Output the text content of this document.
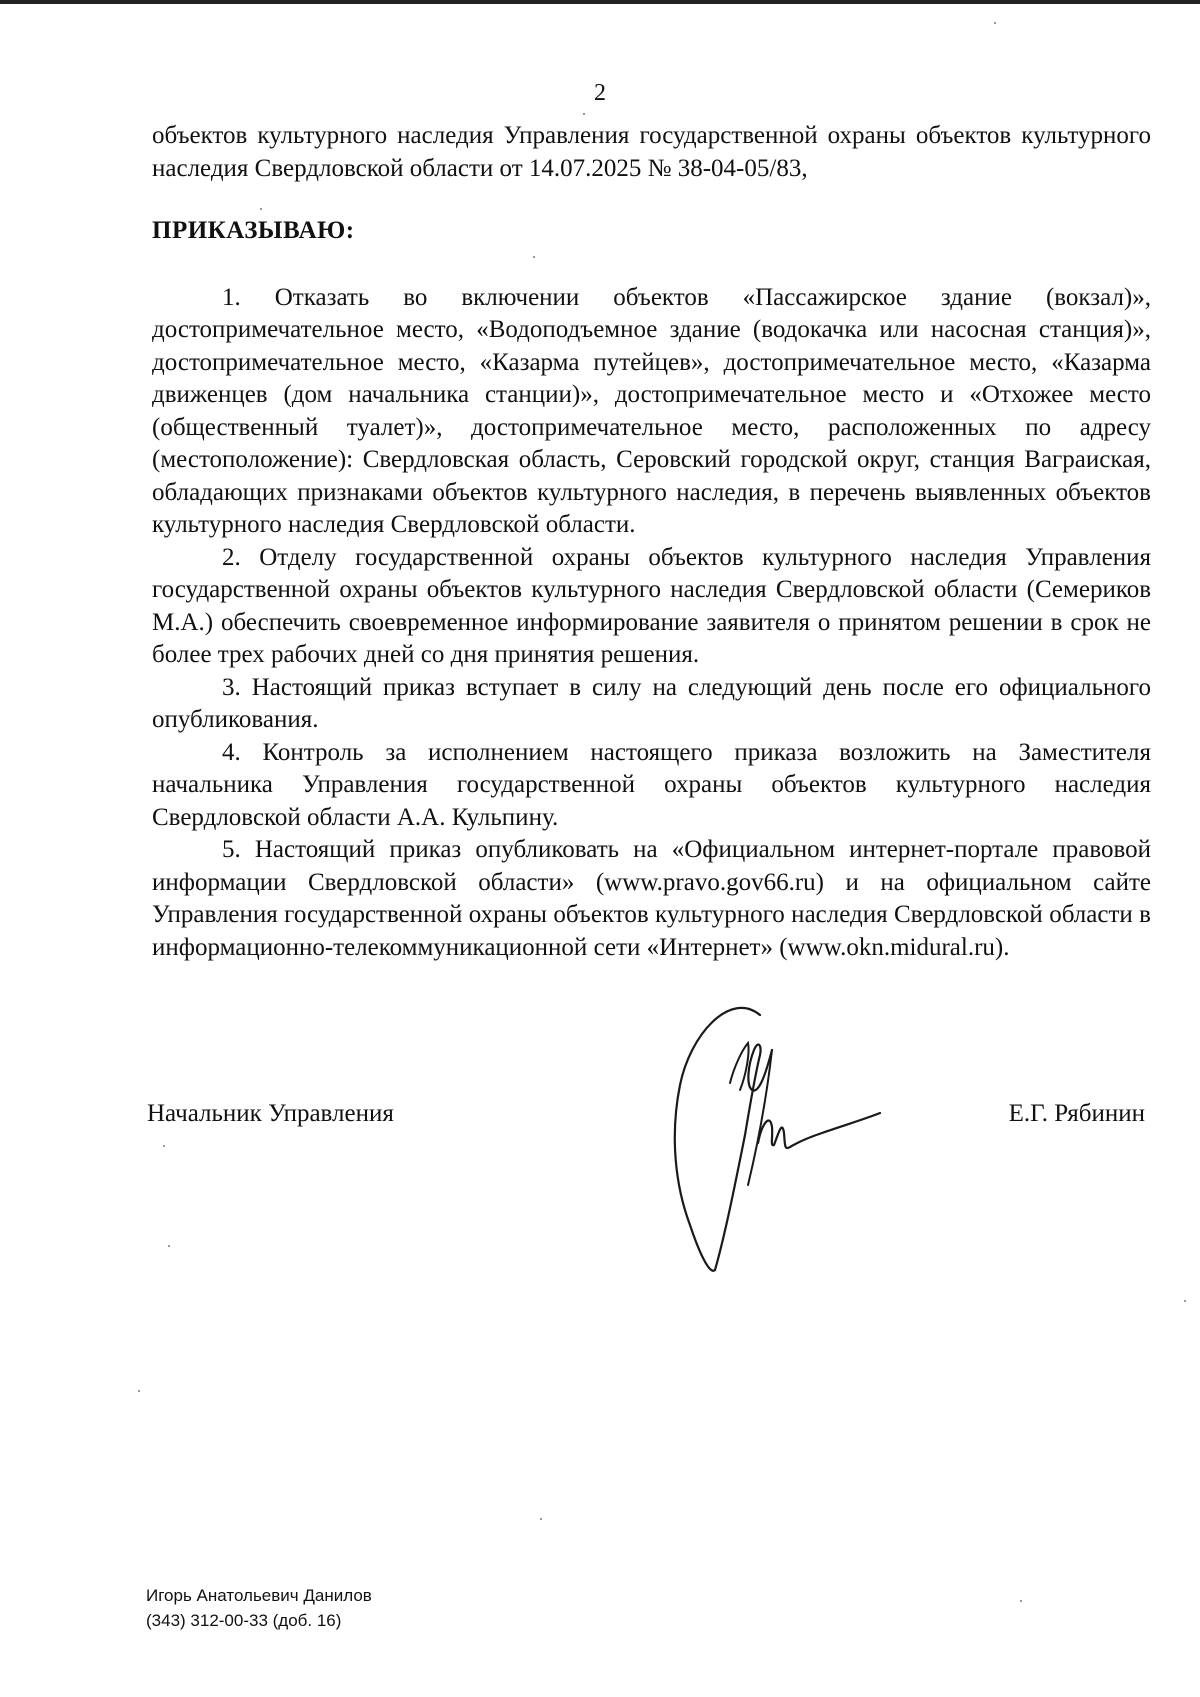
2

объектов культурного наследия Управления государственной охраны объектов культурного наследия Свердловской области от 14.07.2025 № 38-04-05/83,

ПРИКАЗЫВАЮ:

1. Отказать во включении объектов «Пассажирское здание (вокзал)», достопримечательное место, «Водоподъемное здание (водокачка или насосная станция)», достопримечательное место, «Казарма путейцев», достопримечательное место, «Казарма движенцев (дом начальника станции)», достопримечательное место и «Отхожее место (общественный туалет)», достопримечательное место, расположенных по адресу (местоположение): Свердловская область, Серовский городской округ, станция Ваграиская, обладающих признаками объектов культурного наследия, в перечень выявленных объектов культурного наследия Свердловской области.

2. Отделу государственной охраны объектов культурного наследия Управления государственной охраны объектов культурного наследия Свердловской области (Семериков М.А.) обеспечить своевременное информирование заявителя о принятом решении в срок не более трех рабочих дней со дня принятия решения.

3. Настоящий приказ вступает в силу на следующий день после его официального опубликования.

4. Контроль за исполнением настоящего приказа возложить на Заместителя начальника Управления государственной охраны объектов культурного наследия Свердловской области А.А. Кульпину.

5. Настоящий приказ опубликовать на «Официальном интернет-портале правовой информации Свердловской области» (www.pravo.gov66.ru) и на официальном сайте Управления государственной охраны объектов культурного наследия Свердловской области в информационно-телекоммуникационной сети «Интернет» (www.okn.midural.ru).

Начальник Управления	Е.Г. Рябинин
Игорь Анатольевич Данилов
(343) 312-00-33 (доб. 16)
